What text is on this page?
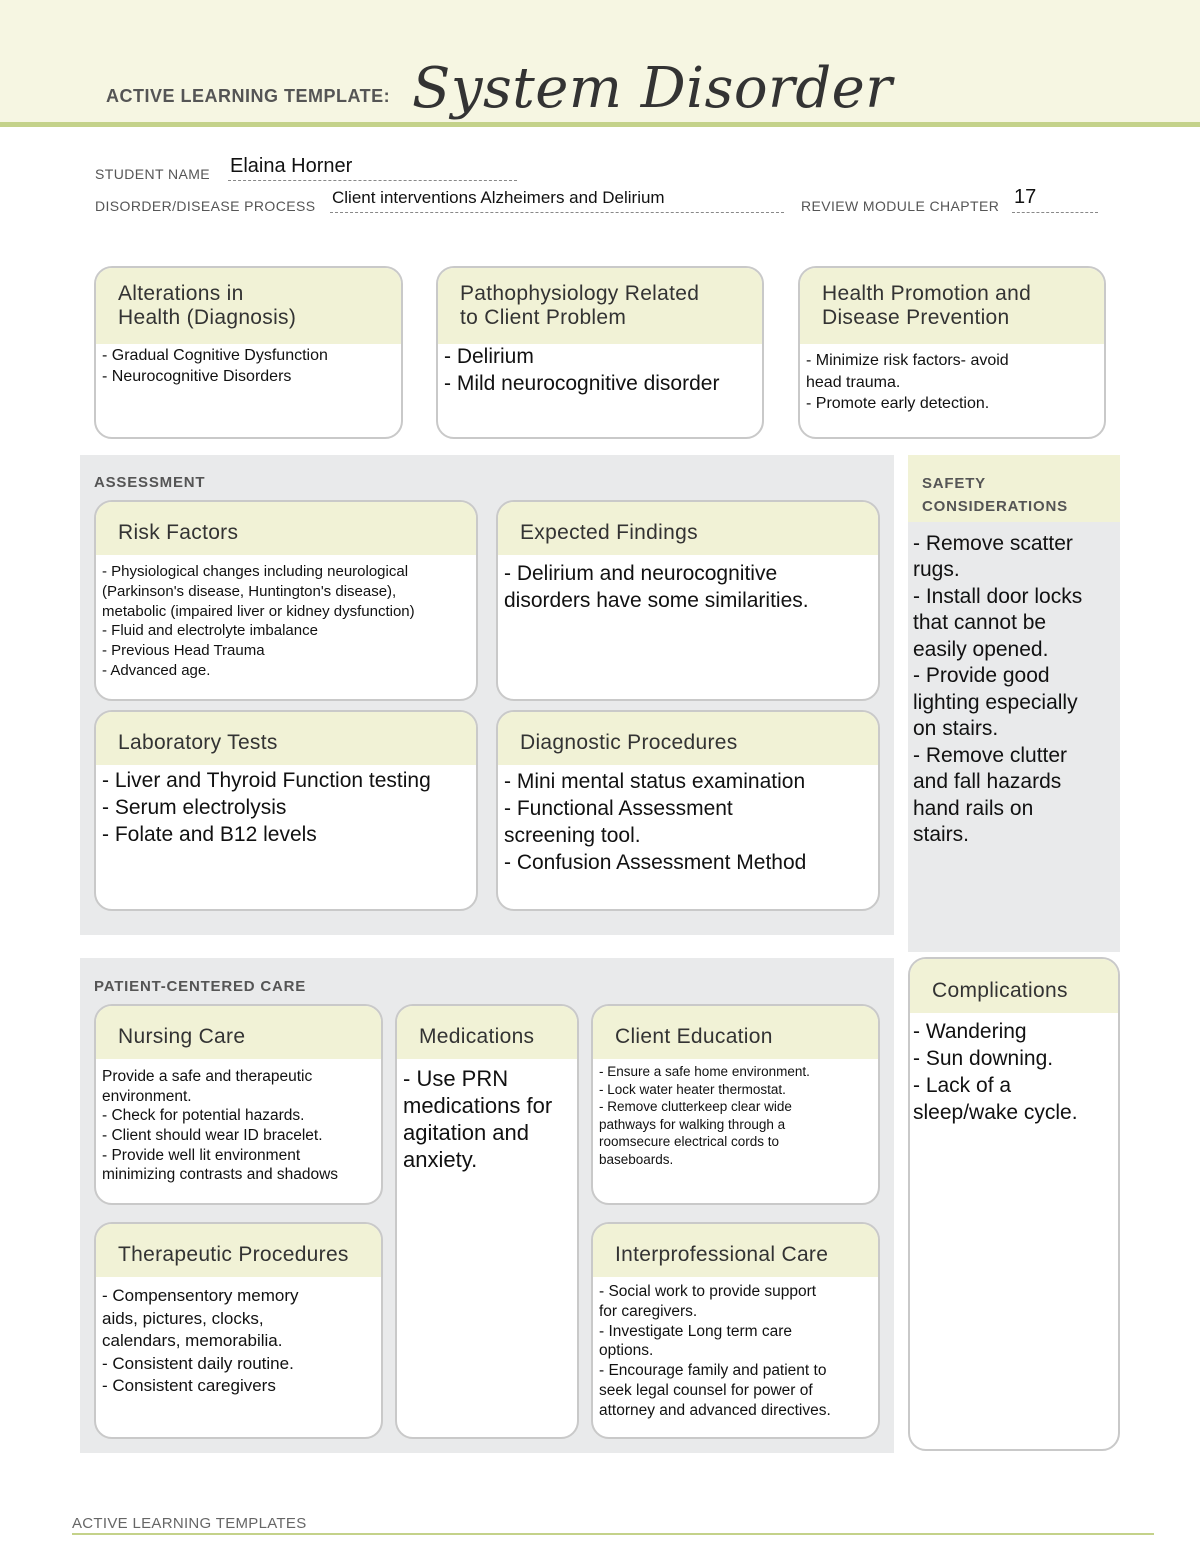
ACTIVE LEARNING TEMPLATE: System Disorder
STUDENT NAME Elaina Horner
DISORDER/DISEASE PROCESS Client interventions Alzheimers and Delirium	REVIEW MODULE CHAPTER 17
Alterations in
Health (Diagnosis)
- Gradual Cognitive Dysfunction
- Neurocognitive Disorders
Pathophysiology Related
to Client Problem
- Delirium
- Mild neurocognitive disorder
Health Promotion and
Disease Prevention
- Minimize risk factors- avoid
head trauma.
- Promote early detection.
ASSESSMENT
Risk Factors
- Physiological changes including neurological
(Parkinson's disease, Huntington's disease),
metabolic (impaired liver or kidney dysfunction)
- Fluid and electrolyte imbalance
- Previous Head Trauma
- Advanced age.
Expected Findings
- Delirium and neurocognitive
disorders have some similarities.
Laboratory Tests
- Liver and Thyroid Function testing
- Serum electrolysis
- Folate and B12 levels
Diagnostic Procedures
- Mini mental status examination
- Functional Assessment
screening tool.
- Confusion Assessment Method
SAFETY
CONSIDERATIONS
- Remove scatter
rugs.
- Install door locks
that cannot be
easily opened.
- Provide good
lighting especially
on stairs.
- Remove clutter
and fall hazards
hand rails on
stairs.
PATIENT-CENTERED CARE
Nursing Care
Provide a safe and therapeutic
environment.
- Check for potential hazards.
- Client should wear ID bracelet.
- Provide well lit environment
minimizing contrasts and shadows
Medications
- Use PRN
medications for
agitation and
anxiety.
Client Education
- Ensure a safe home environment.
- Lock water heater thermostat.
- Remove clutterkeep clear wide
pathways for walking through a
roomsecure electrical cords to
baseboards.
Therapeutic Procedures
- Compensentory memory
aids, pictures, clocks,
calendars, memorabilia.
- Consistent daily routine.
- Consistent caregivers
Interprofessional Care
- Social work to provide support
for caregivers.
- Investigate Long term care
options.
- Encourage family and patient to
seek legal counsel for power of
attorney and advanced directives.
Complications
- Wandering
- Sun downing.
- Lack of a
sleep/wake cycle.
ACTIVE LEARNING TEMPLATES
